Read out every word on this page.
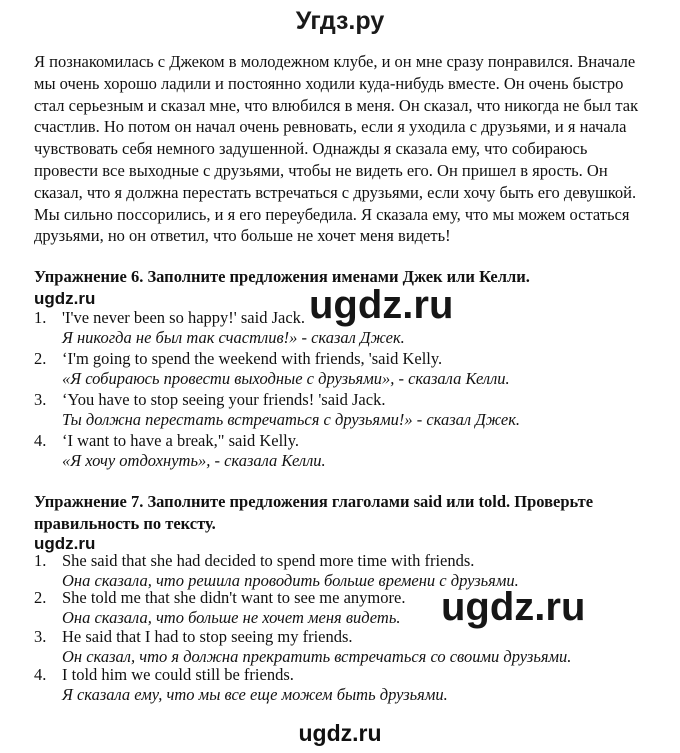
Угдз.ру

Я познакомилась с Джеком в молодежном клубе, и он мне сразу понравился. Вначале мы очень хорошо ладили и постоянно ходили куда-нибудь вместе. Он очень быстро стал серьезным и сказал мне, что влюбился в меня. Он сказал, что никогда не был так счастлив. Но потом он начал очень ревновать, если я уходила с друзьями, и я начала чувствовать себя немного задушенной. Однажды я сказала ему, что собираюсь провести все выходные с друзьями, чтобы не видеть его. Он пришел в ярость. Он сказал, что я должна перестать встречаться с друзьями, если хочу быть его девушкой. Мы сильно поссорились, и я его переубедила. Я сказала ему, что мы можем остаться друзьями, но он ответил, что больше не хочет меня видеть!

Упражнение 6. Заполните предложения именами Джек или Келли.

ugdz.ru
1. 'I've never been so happy!' said Jack.
Я никогда не был так счастлив!» - сказал Джек.
2. ‘I'm going to spend the weekend with friends, 'said Kelly.
«Я собираюсь провести выходные с друзьями», - сказала Келли.
3. ‘You have to stop seeing your friends! 'said Jack.
Ты должна перестать встречаться с друзьями!» - сказал Джек.
4. ‘I want to have a break," said Kelly.
«Я хочу отдохнуть», - сказала Келли.

Упражнение 7. Заполните предложения глаголами said или told. Проверьте правильность по тексту.

ugdz.ru
1. She said that she had decided to spend more time with friends.
Она сказала, что решила проводить больше времени с друзьями.
2. She told me that she didn't want to see me anymore.
Она сказала, что больше не хочет меня видеть.
3. He said that I had to stop seeing my friends.
Он сказал, что я должна прекратить встречаться со своими друзьями.
4. I told him we could still be friends.
Я сказала ему, что мы все еще можем быть друзьями.
ugdz.ru
ugdz.ru
ugdz.ru
